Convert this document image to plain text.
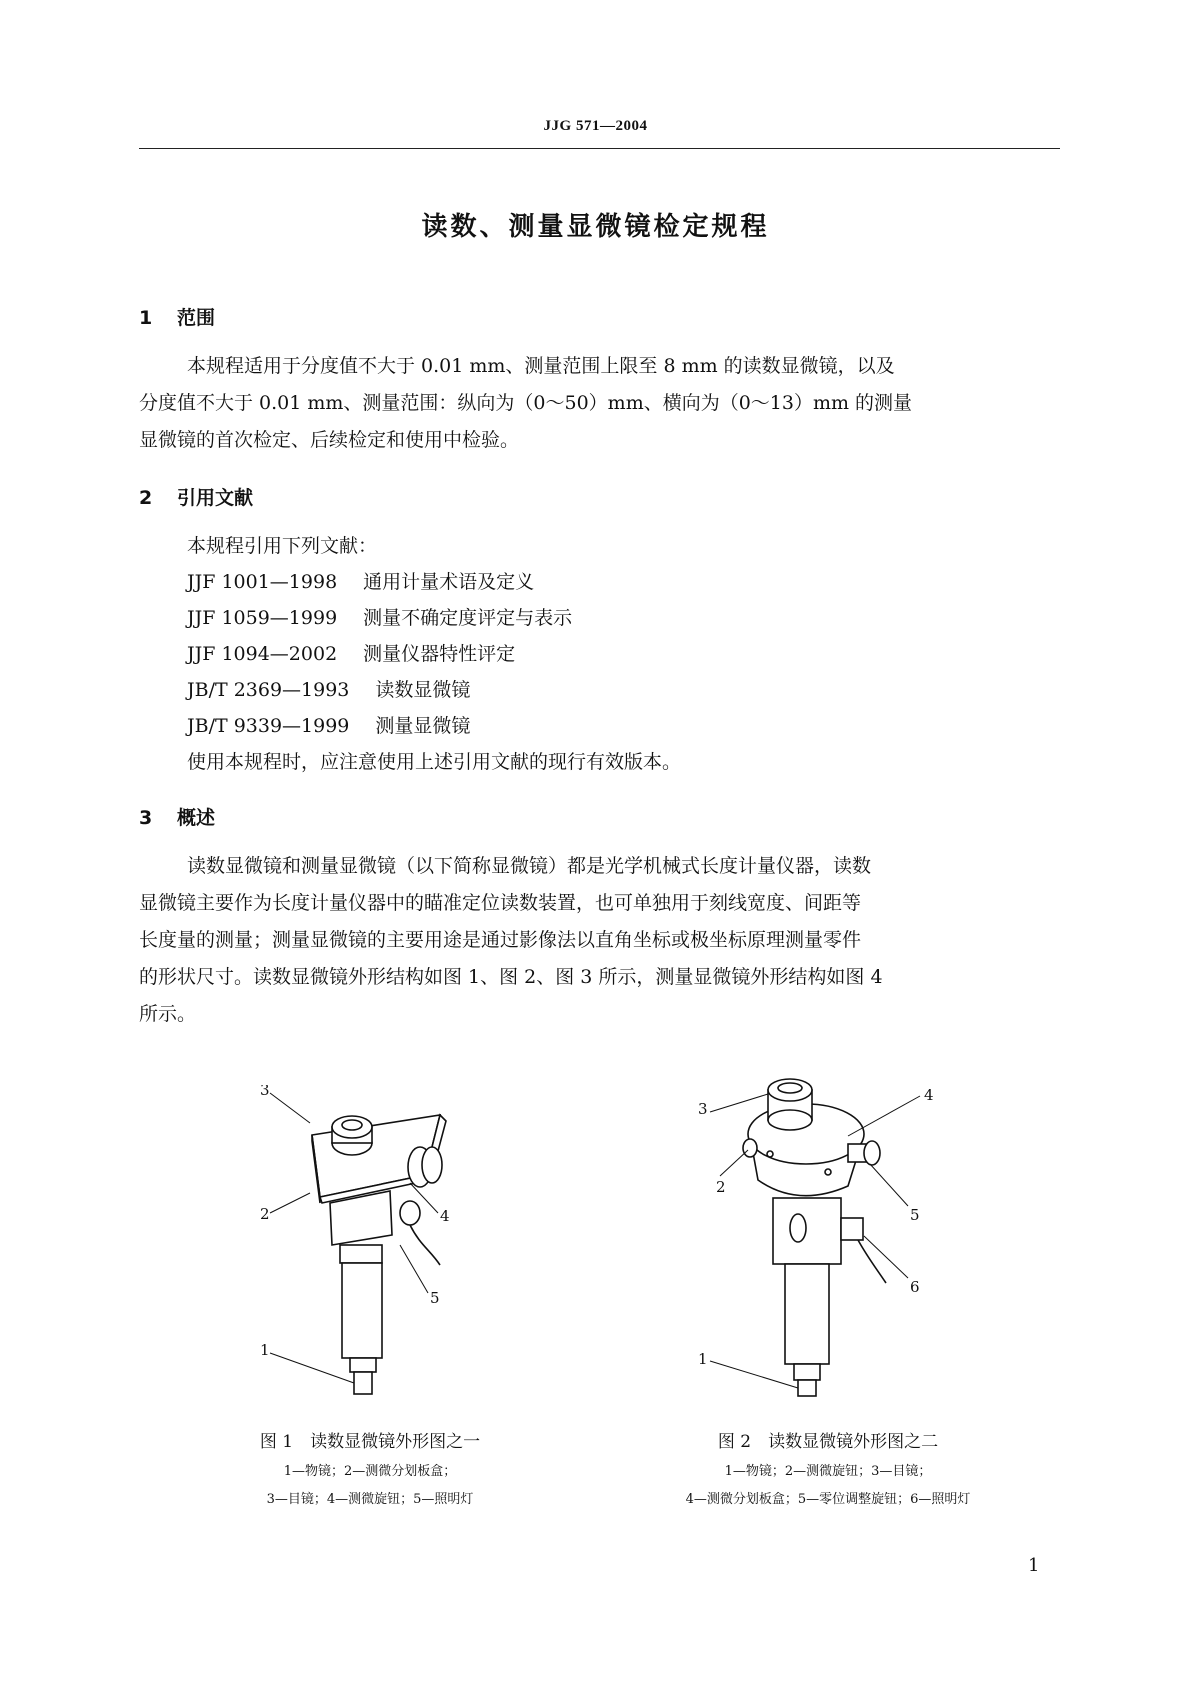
JJG 571—2004
读数、测量显微镜检定规程
1 范围
本规程适用于分度值不大于 0.01 mm、测量范围上限至 8 mm 的读数显微镜，以及
分度值不大于 0.01 mm、测量范围：纵向为（0～50）mm、横向为（0～13）mm 的测量
显微镜的首次检定、后续检定和使用中检验。
2 引用文献
本规程引用下列文献：
JJF 1001—1998 通用计量术语及定义
JJF 1059—1999 测量不确定度评定与表示
JJF 1094—2002 测量仪器特性评定
JB/T 2369—1993 读数显微镜
JB/T 9339—1999 测量显微镜
使用本规程时，应注意使用上述引用文献的现行有效版本。
3 概述
读数显微镜和测量显微镜（以下简称显微镜）都是光学机械式长度计量仪器，读数
显微镜主要作为长度计量仪器中的瞄准定位读数装置，也可单独用于刻线宽度、间距等
长度量的测量；测量显微镜的主要用途是通过影像法以直角坐标或极坐标原理测量零件
的形状尺寸。读数显微镜外形结构如图 1、图 2、图 3 所示，测量显微镜外形结构如图 4
所示。
3
2	4
5
1
图 1　读数显微镜外形图之一
1—物镜；2—测微分划板盒；
3—目镜；4—测微旋钮；5—照明灯
3
2
4
5
6
1
图 2　读数显微镜外形图之二
1—物镜；2—测微旋钮；3—目镜；
4—测微分划板盒；5—零位调整旋钮；6—照明灯
1
